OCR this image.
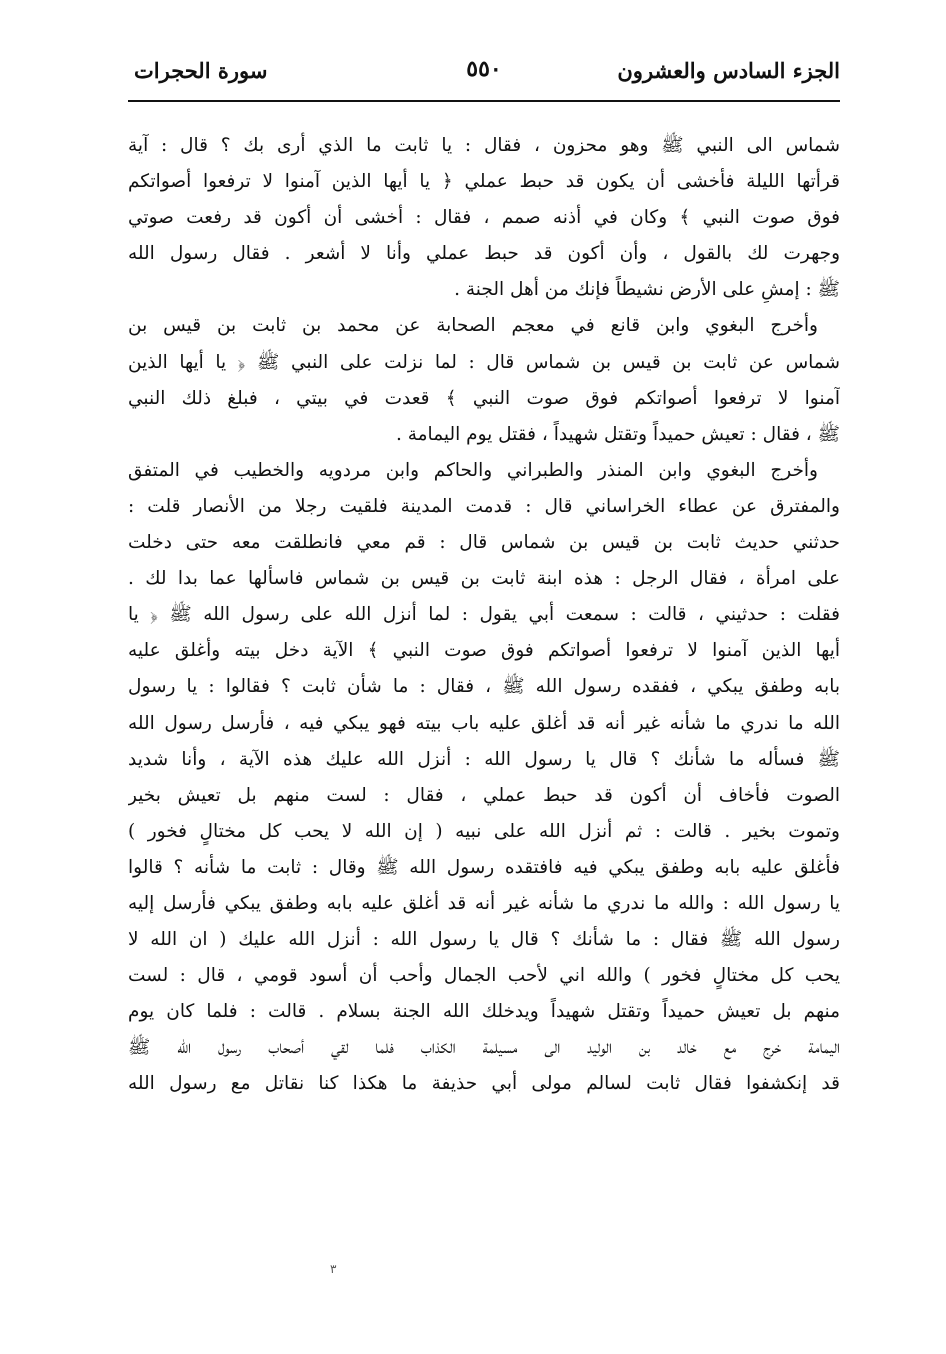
الجزء السادس والعشرون
٥٥٠
سورة الحجرات
شماس الى النبي ﷺ وهو محزون ، فقال : يا ثابت ما الذي أرى بك ؟ قال : آية
قرأتها الليلة فأخشى أن يكون قد حبط عملي ﴿ يا أيها الذين آمنوا لا ترفعوا أصواتكم
فوق صوت النبي ﴾ وكان في أذنه صمم ، فقال : أخشى أن أكون قد رفعت صوتي
وجهرت لك بالقول ، وأن أكون قد حبط عملي وأنا لا أشعر . فقال رسول الله
ﷺ : إمشِ على الأرض نشيطاً فإنك من أهل الجنة .
وأخرج البغوي وابن قانع في معجم الصحابة عن محمد بن ثابت بن قيس بن
شماس عن ثابت بن قيس بن شماس قال : لما نزلت على النبي ﷺ ﴿ يا أيها الذين
آمنوا لا ترفعوا أصواتكم فوق صوت النبي ﴾ قعدت في بيتي ، فبلغ ذلك النبي
ﷺ ، فقال : تعيش حميداً وتقتل شهيداً ، فقتل يوم اليمامة .
وأخرج البغوي وابن المنذر والطبراني والحاكم وابن مردويه والخطيب في المتفق
والمفترق عن عطاء الخراساني قال : قدمت المدينة فلقيت رجلا من الأنصار قلت :
حدثني حديث ثابت بن قيس بن شماس قال : قم معي فانطلقت معه حتى دخلت
على امرأة ، فقال الرجل : هذه ابنة ثابت بن قيس بن شماس فاسألها عما بدا لك .
فقلت : حدثيني ، قالت : سمعت أبي يقول : لما أنزل الله على رسول الله ﷺ ﴿ يا
أيها الذين آمنوا لا ترفعوا أصواتكم فوق صوت النبي ﴾ الآية دخل بيته وأغلق عليه
بابه وطفق يبكي ، ففقده رسول الله ﷺ ، فقال : ما شأن ثابت ؟ فقالوا : يا رسول
الله ما ندري ما شأنه غير أنه قد أغلق عليه باب بيته فهو يبكي فيه ، فأرسل رسول الله
ﷺ فسأله ما شأنك ؟ قال يا رسول الله : أنزل الله عليك هذه الآية ، وأنا شديد
الصوت فأخاف أن أكون قد حبط عملي ، فقال : لست منهم بل تعيش بخير
وتموت بخير . قالت : ثم أنزل الله على نبيه ( إن الله لا يحب كل مختالٍ فخور )
فأغلق عليه بابه وطفق يبكي فيه فافتقده رسول الله ﷺ وقال : ثابت ما شأنه ؟ قالوا
يا رسول الله : والله ما ندري ما شأنه غير أنه قد أغلق عليه بابه وطفق يبكي فأرسل إليه
رسول الله ﷺ فقال : ما شأنك ؟ قال يا رسول الله : أنزل الله عليك ( ان الله لا
يحب كل مختالٍ فخور ) والله اني لأحب الجمال وأحب أن أسود قومي ، قال : لست
منهم بل تعيش حميداً وتقتل شهيداً ويدخلك الله الجنة بسلام . قالت : فلما كان يوم
اليمامة خرج مع خالد بن الوليد الى مسيلمة الكذاب فلما لقي أصحاب رسول الله ﷺ
قد إنكشفوا فقال ثابت لسالم مولى أبي حذيفة ما هكذا كنا نقاتل مع رسول الله
٣
